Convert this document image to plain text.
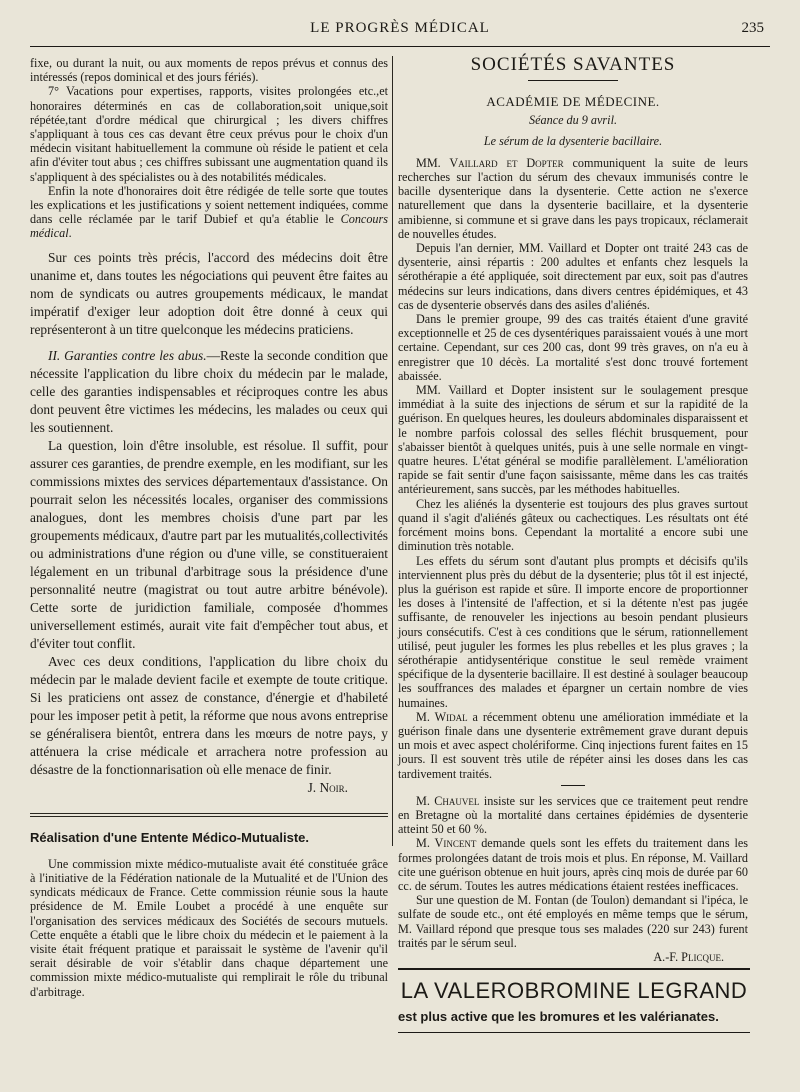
LE PROGRÈS MÉDICAL	235

fixe, ou durant la nuit, ou aux moments de repos prévus et connus des intéressés (repos dominical et des jours fériés).

7° Vacations pour expertises, rapports, visites prolongées etc.,et honoraires déterminés en cas de collaboration,soit unique,soit répétée,tant d'ordre médical que chirurgical ; les divers chiffres s'appliquant à tous ces cas devant être ceux prévus pour le choix d'un médecin visitant habituellement la commune où réside le patient et cela afin d'éviter tout abus ; ces chiffres subissant une augmentation quand ils s'appliquent à des spécialistes ou à des notabilités médicales.

Enfin la note d'honoraires doit être rédigée de telle sorte que toutes les explications et les justifications y soient nettement indiquées, comme dans celle réclamée par le tarif Dubief et qu'a établie le Concours médical.

Sur ces points très précis, l'accord des médecins doit être unanime et, dans toutes les négociations qui peuvent être faites au nom de syndicats ou autres groupements médicaux, le mandat impératif d'exiger leur adoption doit être donné à ceux qui représenteront à un titre quelconque les médecins praticiens.

II. Garanties contre les abus.—Reste la seconde condition que nécessite l'application du libre choix du médecin par le malade, celle des garanties indispensables et réciproques contre les abus dont peuvent être victimes les médecins, les malades ou ceux qui les soutiennent.

La question, loin d'être insoluble, est résolue. Il suffit, pour assurer ces garanties, de prendre exemple, en les modifiant, sur les commissions mixtes des services départementaux d'assistance. On pourrait selon les nécessités locales, organiser des commissions analogues, dont les membres choisis d'une part par les groupements médicaux, d'autre part par les mutualités,collectivités ou administrations d'une région ou d'une ville, se constitueraient légalement en un tribunal d'arbitrage sous la présidence d'une personnalité neutre (magistrat ou tout autre arbitre bénévole). Cette sorte de juridiction familiale, composée d'hommes universellement estimés, aurait vite fait d'empêcher tout abus, et d'éviter tout conflit.

Avec ces deux conditions, l'application du libre choix du médecin par le malade devient facile et exempte de toute critique. Si les praticiens ont assez de constance, d'énergie et d'habileté pour les imposer petit à petit, la réforme que nous avons entreprise se généralisera bientôt, entrera dans les mœurs de notre pays, y atténuera la crise médicale et arrachera notre profession au désastre de la fonctionnarisation où elle menace de finir.

J. Noir.

Réalisation d'une Entente Médico-Mutualiste.

Une commission mixte médico-mutualiste avait été constituée grâce à l'initiative de la Fédération nationale de la Mutualité et de l'Union des syndicats médicaux de France. Cette commission réunie sous la haute présidence de M. Emile Loubet a procédé à une enquête sur l'organisation des services médicaux des Sociétés de secours mutuels. Cette enquête a établi que le libre choix du médecin et le paiement à la visite était fréquent pratique et paraissait le système de l'avenir qu'il serait désirable de voir s'établir dans chaque département une commission mixte médico-mutualiste qui remplirait le rôle du tribunal d'arbitrage.

SOCIÉTÉS SAVANTES
ACADÉMIE DE MÉDECINE.
Séance du 9 avril.
Le sérum de la dysenterie bacillaire.

MM. Vaillard et Dopter communiquent la suite de leurs recherches sur l'action du sérum des chevaux immunisés contre le bacille dysenterique dans la dysenterie. Cette action ne s'exerce naturellement que dans la dysenterie bacillaire, et la dysenterie amibienne, si commune et si grave dans les pays tropicaux, réclamerait de nouvelles études.

Depuis l'an dernier, MM. Vaillard et Dopter ont traité 243 cas de dysenterie, ainsi répartis : 200 adultes et enfants chez lesquels la sérothérapie a été appliquée, soit directement par eux, soit pas d'autres médecins sur leurs indications, dans divers centres épidémiques, et 43 cas de dysenterie observés dans des asiles d'aliénés.

Dans le premier groupe, 99 des cas traités étaient d'une gravité exceptionnelle et 25 de ces dysentériques paraissaient voués à une mort certaine. Cependant, sur ces 200 cas, dont 99 très graves, on n'a eu à enregistrer que 10 décès. La mortalité s'est donc trouvé fortement abaissée.

MM. Vaillard et Dopter insistent sur le soulagement presque immédiat à la suite des injections de sérum et sur la rapidité de la guérison. En quelques heures, les douleurs abdominales disparaissent et le nombre parfois colossal des selles fléchit brusquement, pour s'abaisser bientôt à quelques unités, puis à une selle normale en vingt-quatre heures. L'état général se modifie parallèlement. L'amélioration rapide se fait sentir d'une façon saisissante, même dans les cas traités antérieurement, sans succès, par les méthodes habituelles.

Chez les aliénés la dysenterie est toujours des plus graves surtout quand il s'agit d'aliénés gâteux ou cachectiques. Les résultats ont été forcément moins bons. Cependant la mortalité a encore subi une diminution très notable.

Les effets du sérum sont d'autant plus prompts et décisifs qu'ils interviennent plus près du début de la dysenterie; plus tôt il est injecté, plus la guérison est rapide et sûre. Il importe encore de proportionner les doses à l'intensité de l'affection, et si la détente n'est pas jugée suffisante, de renouveler les injections au besoin pendant plusieurs jours consécutifs. C'est à ces conditions que le sérum, rationnellement utilisé, peut juguler les formes les plus rebelles et les plus graves ; la sérothérapie antidysentérique constitue le seul remède vraiment spécifique de la dysenterie bacillaire. Il est destiné à soulager beaucoup les souffrances des malades et épargner un certain nombre de vies humaines.

M. Widal a récemment obtenu une amélioration immédiate et la guérison finale dans une dysenterie extrêmement grave durant depuis un mois et avec aspect cholériforme. Cinq injections furent faites en 15 jours. Il est souvent très utile de répéter ainsi les doses dans les cas tardivement traités.

M. Chauvel insiste sur les services que ce traitement peut rendre en Bretagne où la mortalité dans certaines épidémies de dysenterie atteint 50 et 60 %.

M. Vincent demande quels sont les effets du traitement dans les formes prolongées datant de trois mois et plus. En réponse, M. Vaillard cite une guérison obtenue en huit jours, après cinq mois de durée par 60 cc. de sérum. Toutes les autres médications étaient restées inefficaces.

Sur une question de M. Fontan (de Toulon) demandant si l'ipéca, le sulfate de soude etc., ont été employés en même temps que le sérum, M. Vaillard répond que presque tous ses malades (220 sur 243) furent traités par le sérum seul.

A.-F. Plicque.

LA VALEROBROMINE LEGRAND
est plus active que les bromures et les valérianates.
